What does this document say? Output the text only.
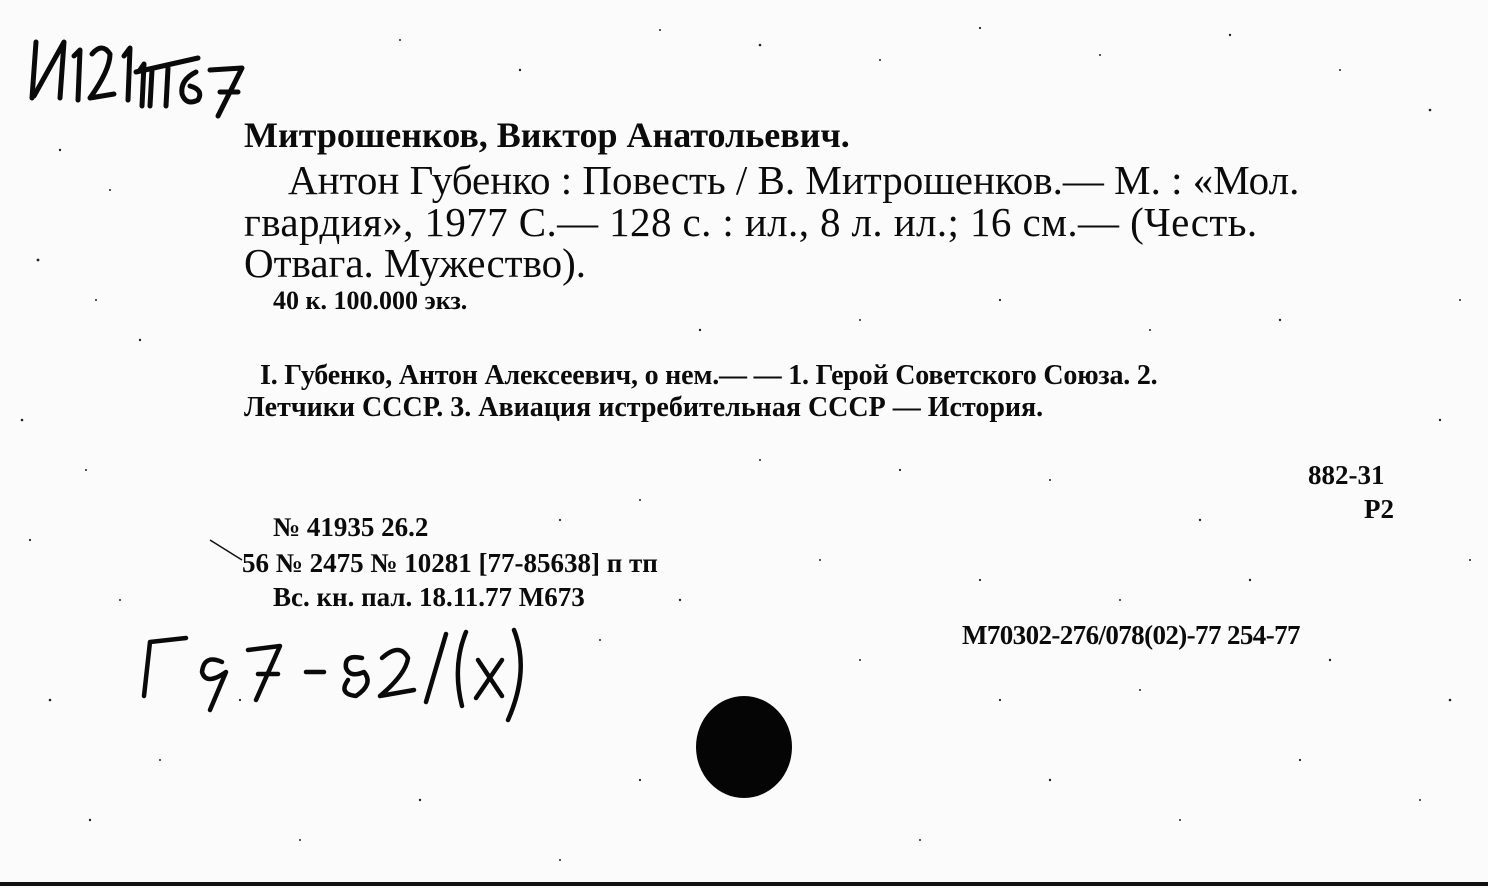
Митрошенков, Виктор Анатольевич.
Антон Губенко : Повесть / В. Митрошенков.— М. : «Мол.
гвардия», 1977 С.— 128 с. : ил., 8 л. ил.; 16 см.— (Честь.
Отвага. Мужество).
40 к. 100.000 экз.
I. Губенко, Антон Алексеевич, о нем.— — 1. Герой Советского Союза. 2.
Летчики СССР. 3. Авиация истребительная СССР — История.
882-31
Р2
№ 41935 26.2
56 № 2475 № 10281 [77-85638] п тп
Вс. кн. пал. 18.11.77 М673
М70302-276/078(02)-77 254-77
